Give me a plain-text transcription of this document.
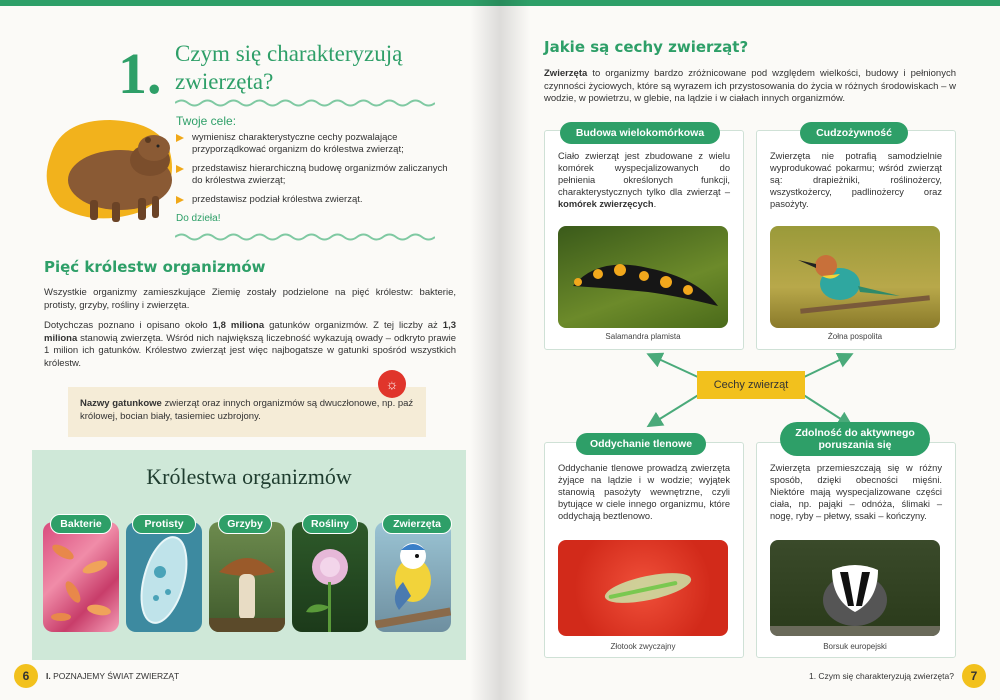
1. Czym się charakteryzują zwierzęta?
Twoje cele:
wymienisz charakterystyczne cechy pozwalające przyporządkować organizm do królestwa zwierząt;
przedstawisz hierarchiczną budowę organizmów zaliczanych do królestwa zwierząt;
przedstawisz podział królestwa zwierząt.
Do dzieła!
Pięć królestw organizmów
Wszystkie organizmy zamieszkujące Ziemię zostały podzielone na pięć królestw: bakterie, protisty, grzyby, rośliny i zwierzęta.
Dotychczas poznano i opisano około 1,8 miliona gatunków organizmów. Z tej liczby aż 1,3 miliona stanowią zwierzęta. Wśród nich największą liczebność wykazują owady – odkryto prawie 1 milion ich gatunków. Królestwo zwierząt jest więc najbogatsze w gatunki spośród wszystkich królestw.
☼
Nazwy gatunkowe zwierząt oraz innych organizmów są dwuczłonowe, np. paź królowej, bocian biały, tasiemiec uzbrojony.
Królestwa organizmów
Bakterie	Protisty	Grzyby	Rośliny	Zwierzęta
6	I. POZNAJEMY ŚWIAT ZWIERZĄT
Jakie są cechy zwierząt?
Zwierzęta to organizmy bardzo zróżnicowane pod względem wielkości, budowy i pełnionych czynności życiowych, które są wyrazem ich przystosowania do życia w różnych środowiskach – w wodzie, w powietrzu, w glebie, na lądzie i w ciałach innych organizmów.
Budowa wielokomórkowa
Ciało zwierząt jest zbudowane z wielu komórek wyspecjalizowanych do pełnienia określonych funkcji, charakterystycznych tylko dla zwierząt – komórek zwierzęcych.
Salamandra plamista
Cudzożywność
Zwierzęta nie potrafią samodzielnie wyprodukować pokarmu; wśród zwierząt są: drapieżniki, roślinożercy, wszystkożercy, padlinożercy oraz pasożyty.
Żołna pospolita
Cechy zwierząt
Oddychanie tlenowe
Oddychanie tlenowe prowadzą zwierzęta żyjące na lądzie i w wodzie; wyjątek stanowią pasożyty wewnętrzne, czyli bytujące w ciele innego organizmu, które oddychają beztlenowo.
Złotook zwyczajny
Zdolność do aktywnego poruszania się
Zwierzęta przemieszczają się w różny sposób, dzięki obecności mięśni. Niektóre mają wyspecjalizowane części ciała, np. pająki – odnóża, ślimaki – nogę, ryby – płetwy, ssaki – kończyny.
Borsuk europejski
1. Czym się charakteryzują zwierzęta?	7
